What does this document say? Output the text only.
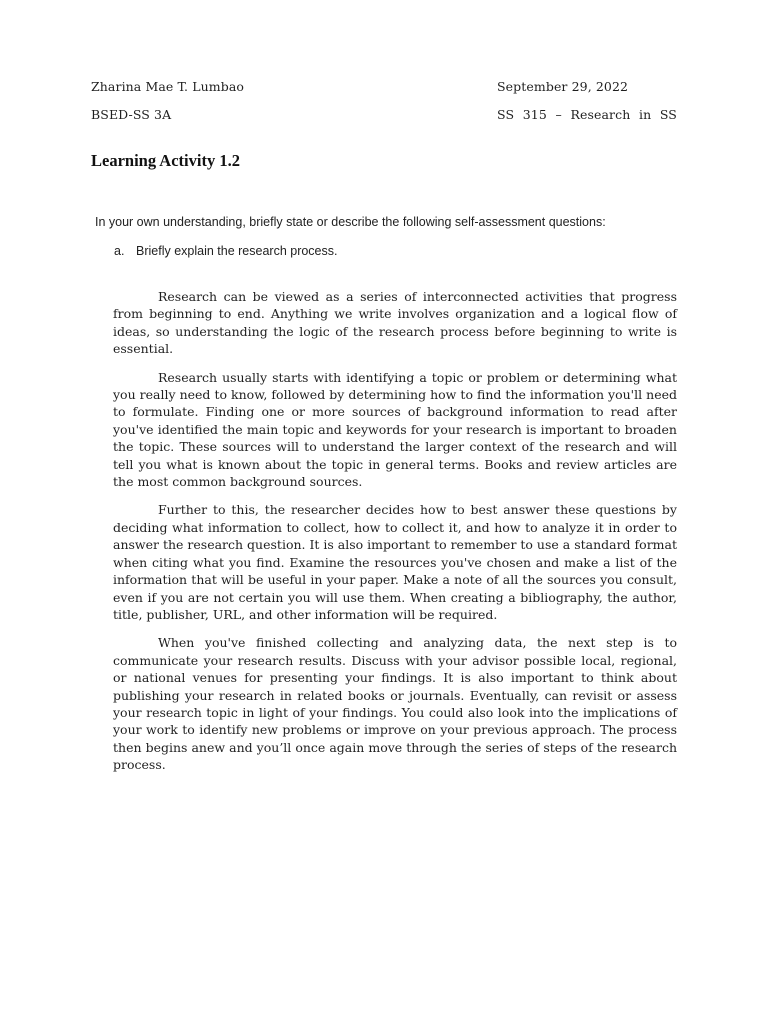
Zharina Mae T. Lumbao
BSED-SS 3A
September 29, 2022
SS 315 – Research in SS
Learning Activity 1.2
In your own understanding, briefly state or describe the following self-assessment questions:
a. Briefly explain the research process.

Research can be viewed as a series of interconnected activities that progress from beginning to end. Anything we write involves organization and a logical flow of ideas, so understanding the logic of the research process before beginning to write is essential.

Research usually starts with identifying a topic or problem or determining what you really need to know, followed by determining how to find the information you'll need to formulate. Finding one or more sources of background information to read after you've identified the main topic and keywords for your research is important to broaden the topic. These sources will to understand the larger context of the research and will tell you what is known about the topic in general terms. Books and review articles are the most common background sources.

Further to this, the researcher decides how to best answer these questions by deciding what information to collect, how to collect it, and how to analyze it in order to answer the research question. It is also important to remember to use a standard format when citing what you find. Examine the resources you've chosen and make a list of the information that will be useful in your paper. Make a note of all the sources you consult, even if you are not certain you will use them. When creating a bibliography, the author, title, publisher, URL, and other information will be required.

When you've finished collecting and analyzing data, the next step is to communicate your research results. Discuss with your advisor possible local, regional, or national venues for presenting your findings. It is also important to think about publishing your research in related books or journals. Eventually, can revisit or assess your research topic in light of your findings. You could also look into the implications of your work to identify new problems or improve on your previous approach. The process then begins anew and you’ll once again move through the series of steps of the research process.
